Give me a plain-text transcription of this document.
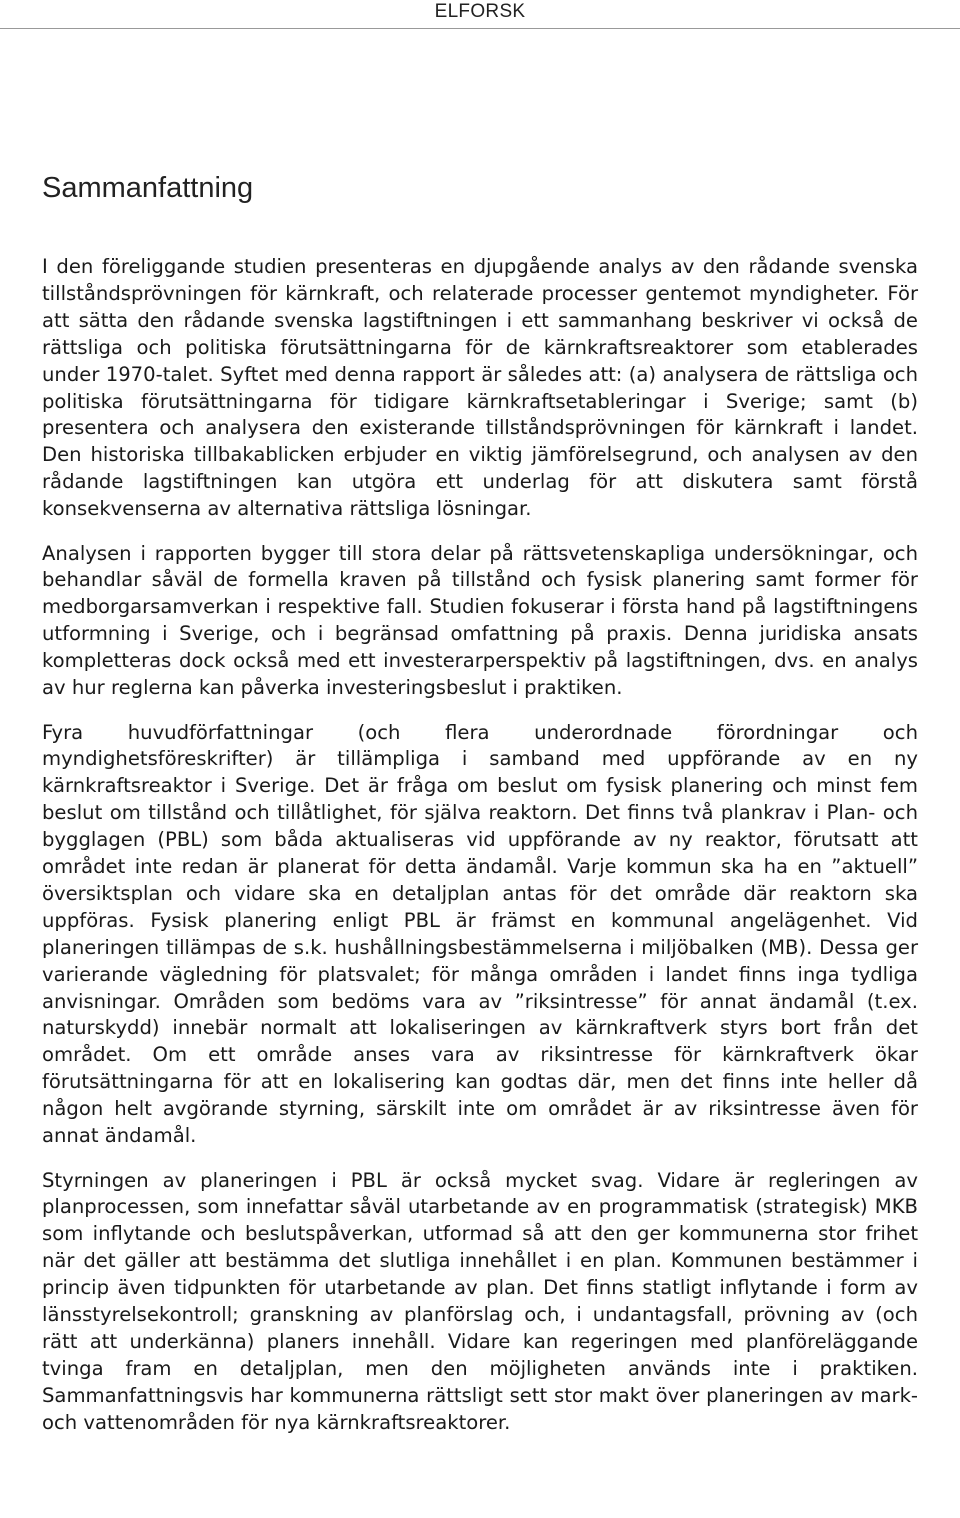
ELFORSK
Sammanfattning

I den föreliggande studien presenteras en djupgående analys av den rådande svenska tillståndsprövningen för kärnkraft, och relaterade processer gentemot myndigheter. För att sätta den rådande svenska lagstiftningen i ett sammanhang beskriver vi också de rättsliga och politiska förutsättningarna för de kärnkraftsreaktorer som etablerades under 1970-talet. Syftet med denna rapport är således att: (a) analysera de rättsliga och politiska förutsättningarna för tidigare kärnkraftsetableringar i Sverige; samt (b) presentera och analysera den existerande tillståndsprövningen för kärnkraft i landet. Den historiska tillbakablicken erbjuder en viktig jämförelsegrund, och analysen av den rådande lagstiftningen kan utgöra ett underlag för att diskutera samt förstå konsekvenserna av alternativa rättsliga lösningar.

Analysen i rapporten bygger till stora delar på rättsvetenskapliga undersökningar, och behandlar såväl de formella kraven på tillstånd och fysisk planering samt former för medborgarsamverkan i respektive fall. Studien fokuserar i första hand på lagstiftningens utformning i Sverige, och i begränsad omfattning på praxis. Denna juridiska ansats kompletteras dock också med ett investerarperspektiv på lagstiftningen, dvs. en analys av hur reglerna kan påverka investeringsbeslut i praktiken.

Fyra huvudförfattningar (och flera underordnade förordningar och myndighetsföreskrifter) är tillämpliga i samband med uppförande av en ny kärnkraftsreaktor i Sverige. Det är fråga om beslut om fysisk planering och minst fem beslut om tillstånd och tillåtlighet, för själva reaktorn. Det finns två plankrav i Plan- och bygglagen (PBL) som båda aktualiseras vid uppförande av ny reaktor, förutsatt att området inte redan är planerat för detta ändamål. Varje kommun ska ha en ”aktuell” översiktsplan och vidare ska en detaljplan antas för det område där reaktorn ska uppföras. Fysisk planering enligt PBL är främst en kommunal angelägenhet. Vid planeringen tillämpas de s.k. hushållningsbestämmelserna i miljöbalken (MB). Dessa ger varierande vägledning för platsvalet; för många områden i landet finns inga tydliga anvisningar. Områden som bedöms vara av ”riksintresse” för annat ändamål (t.ex. naturskydd) innebär normalt att lokaliseringen av kärnkraftverk styrs bort från det området. Om ett område anses vara av riksintresse för kärnkraftverk ökar förutsättningarna för att en lokalisering kan godtas där, men det finns inte heller då någon helt avgörande styrning, särskilt inte om området är av riksintresse även för annat ändamål.

Styrningen av planeringen i PBL är också mycket svag. Vidare är regleringen av planprocessen, som innefattar såväl utarbetande av en programmatisk (strategisk) MKB som inflytande och beslutspåverkan, utformad så att den ger kommunerna stor frihet när det gäller att bestämma det slutliga innehållet i en plan. Kommunen bestämmer i princip även tidpunkten för utarbetande av plan. Det finns statligt inflytande i form av länsstyrelsekontroll; granskning av planförslag och, i undantagsfall, prövning av (och rätt att underkänna) planers innehåll. Vidare kan regeringen med planföreläggande tvinga fram en detaljplan, men den möjligheten används inte i praktiken. Sammanfattningsvis har kommunerna rättsligt sett stor makt över planeringen av mark- och vattenområden för nya kärnkraftsreaktorer.
